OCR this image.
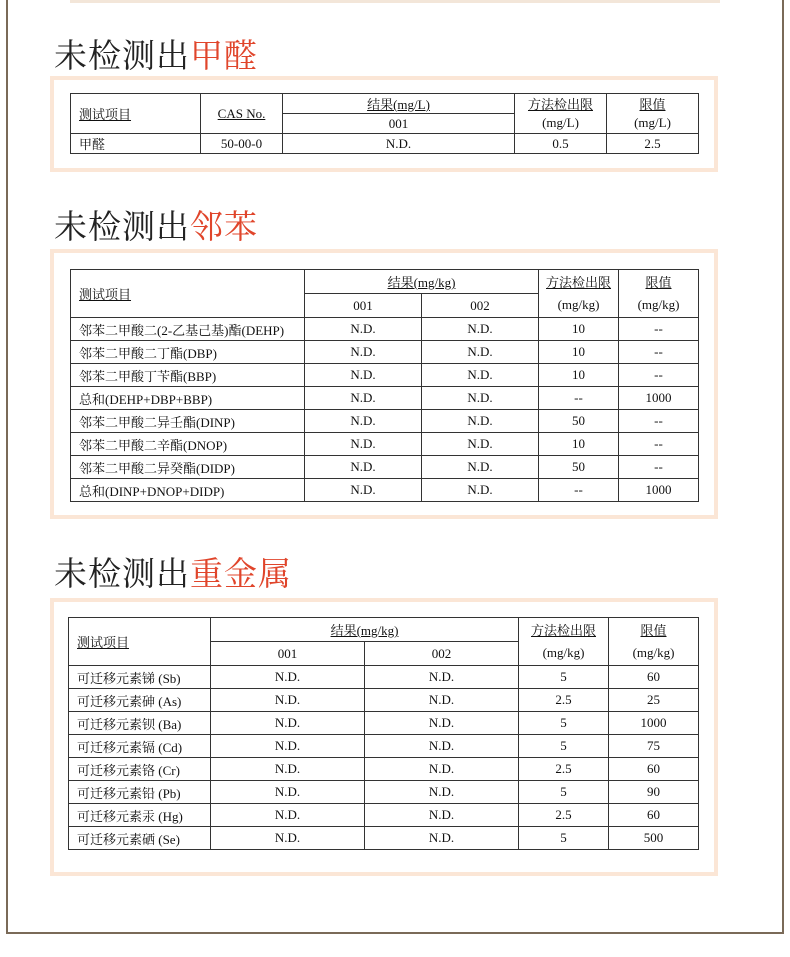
未检测出甲醛
测试项目	CAS No.	结果(mg/L)	方法检出限	限值
		001	(mg/L)	(mg/L)
甲醛	50-00-0	N.D.	0.5	2.5
未检测出邻苯
测试项目	结果(mg/kg)		方法检出限	限值
	001	002	(mg/kg)	(mg/kg)
邻苯二甲酸二(2-乙基己基)酯(DEHP)	N.D.	N.D.	10	--
邻苯二甲酸二丁酯(DBP)	N.D.	N.D.	10	--
邻苯二甲酸丁苄酯(BBP)	N.D.	N.D.	10	--
总和(DEHP+DBP+BBP)	N.D.	N.D.	--	1000
邻苯二甲酸二异壬酯(DINP)	N.D.	N.D.	50	--
邻苯二甲酸二辛酯(DNOP)	N.D.	N.D.	10	--
邻苯二甲酸二异癸酯(DIDP)	N.D.	N.D.	50	--
总和(DINP+DNOP+DIDP)	N.D.	N.D.	--	1000
未检测出重金属
测试项目	结果(mg/kg)		方法检出限	限值
	001	002	(mg/kg)	(mg/kg)
可迁移元素锑 (Sb)	N.D.	N.D.	5	60
可迁移元素砷 (As)	N.D.	N.D.	2.5	25
可迁移元素钡 (Ba)	N.D.	N.D.	5	1000
可迁移元素镉 (Cd)	N.D.	N.D.	5	75
可迁移元素铬 (Cr)	N.D.	N.D.	2.5	60
可迁移元素铅 (Pb)	N.D.	N.D.	5	90
可迁移元素汞 (Hg)	N.D.	N.D.	2.5	60
可迁移元素硒 (Se)	N.D.	N.D.	5	500
